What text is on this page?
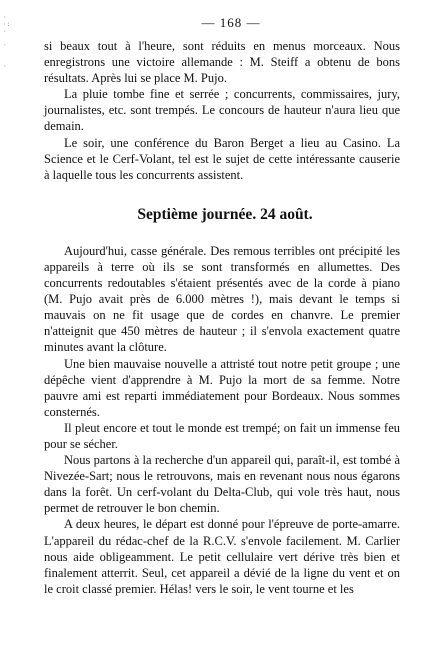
·
·:
·

·

·
— 168 —

si beaux tout à l'heure, sont réduits en menus morceaux. Nous enregistrons une victoire allemande : M. Steiff a obtenu de bons résultats. Après lui se place M. Pujo.

La pluie tombe fine et serrée ; concurrents, commissaires, jury, journalistes, etc. sont trempés. Le concours de hauteur n'aura lieu que demain.

Le soir, une conférence du Baron Berget a lieu au Casino. La Science et le Cerf-Volant, tel est le sujet de cette intéressante causerie à laquelle tous les concurrents assistent.

Septième journée. 24 août.

Aujourd'hui, casse générale. Des remous terribles ont précipité les appareils à terre où ils se sont transformés en allumettes. Des concurrents redoutables s'étaient présentés avec de la corde à piano (M. Pujo avait près de 6.000 mètres !), mais devant le temps si mauvais on ne fit usage que de cordes en chanvre. Le premier n'atteignit que 450 mètres de hauteur ; il s'envola exactement quatre minutes avant la clôture.

Une bien mauvaise nouvelle a attristé tout notre petit groupe ; une dépêche vient d'apprendre à M. Pujo la mort de sa femme. Notre pauvre ami est reparti immédiatement pour Bordeaux. Nous sommes consternés.

Il pleut encore et tout le monde est trempé; on fait un immense feu pour se sécher.

Nous partons à la recherche d'un appareil qui, paraît-il, est tombé à Nivezée-Sart; nous le retrouvons, mais en revenant nous nous égarons dans la forêt. Un cerf-volant du Delta-Club, qui vole très haut, nous permet de retrouver le bon chemin.

A deux heures, le départ est donné pour l'épreuve de porte-amarre. L'appareil du rédac-chef de la R.C.V. s'envole facilement. M. Carlier nous aide obligeamment. Le petit cellulaire vert dérive très bien et finalement atterrit. Seul, cet appareil a dévié de la ligne du vent et on le croit classé premier. Hélas! vers le soir, le vent tourne et les
